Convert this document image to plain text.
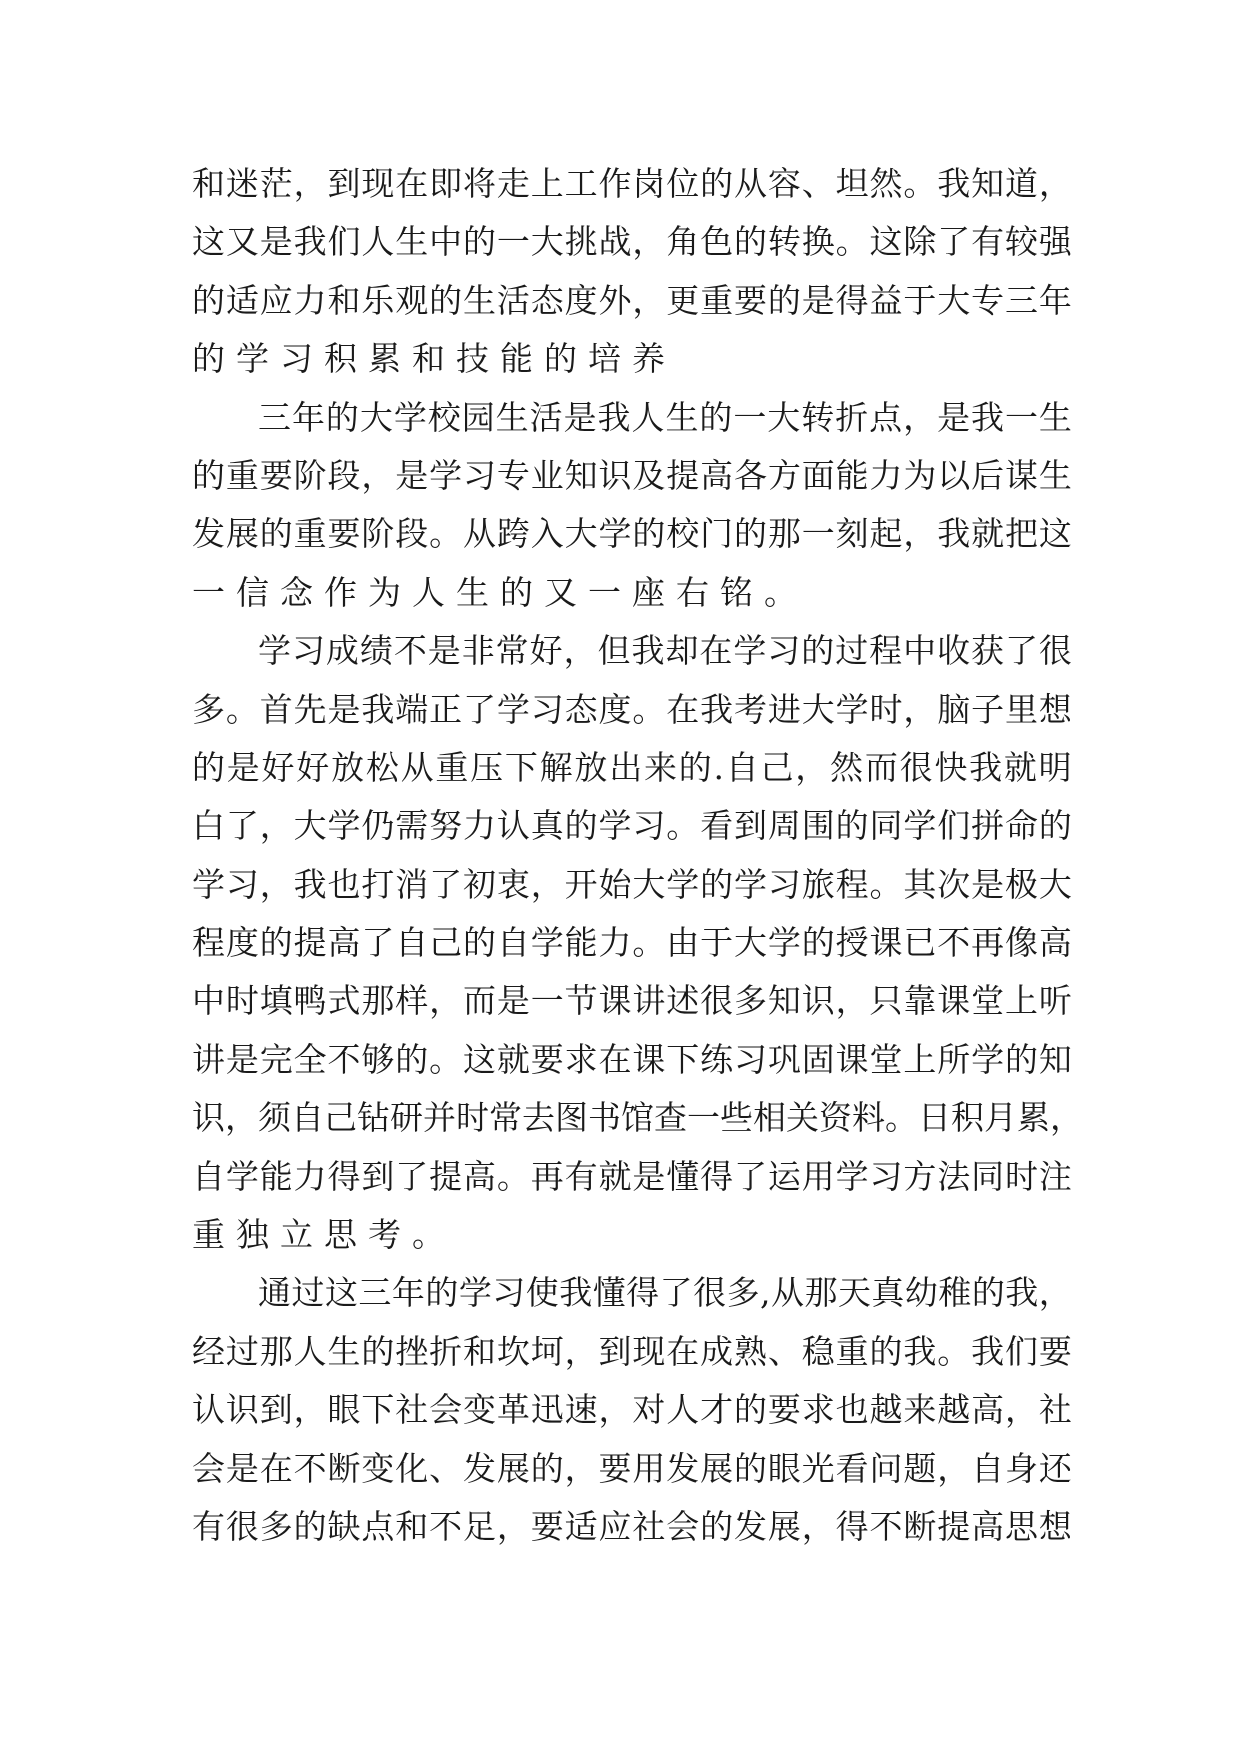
和 迷 茫 ， 到 现 在 即 将 走 上 工 作 岗 位 的 从 容 、 坦 然 。 我 知 道 ，
这 又 是 我 们 人 生 中 的 一 大 挑 战 ， 角 色 的 转 换 。 这 除 了 有 较 强
的 适 应 力 和 乐 观 的 生 活 态 度 外 ， 更 重 要 的 是 得 益 于 大 专 三 年
的学习积累和技能的培养
三 年 的 大 学 校 园 生 活 是 我 人 生 的 一 大 转 折 点 ， 是 我 一 生
的 重 要 阶 段 ， 是 学 习 专 业 知 识 及 提 高 各 方 面 能 力 为 以 后 谋 生
发 展 的 重 要 阶 段 。 从 跨 入 大 学 的 校 门 的 那 一 刻 起 ， 我 就 把 这
一信念作为人生的又一座右铭。
学 习 成 绩 不 是 非 常 好 ， 但 我 却 在 学 习 的 过 程 中 收 获 了 很
多 。 首 先 是 我 端 正 了 学 习 态 度 。 在 我 考 进 大 学 时 ， 脑 子 里 想
的 是 好 好 放 松 从 重 压 下 解 放 出 来 的 . 自 己 ， 然 而 很 快 我 就 明
白 了 ， 大 学 仍 需 努 力 认 真 的 学 习 。 看 到 周 围 的 同 学 们 拼 命 的
学 习 ， 我 也 打 消 了 初 衷 ， 开 始 大 学 的 学 习 旅 程 。 其 次 是 极 大
程 度 的 提 高 了 自 己 的 自 学 能 力 。 由 于 大 学 的 授 课 已 不 再 像 高
中 时 填 鸭 式 那 样 ， 而 是 一 节 课 讲 述 很 多 知 识 ， 只 靠 课 堂 上 听
讲 是 完 全 不 够 的 。 这 就 要 求 在 课 下 练 习 巩 固 课 堂 上 所 学 的 知
识 ， 须 自 己 钻 研 并 时 常 去 图 书 馆 查 一 些 相 关 资 料 。 日 积 月 累 ，
自 学 能 力 得 到 了 提 高 。 再 有 就 是 懂 得 了 运 用 学 习 方 法 同 时 注
重独立思考。
通 过 这 三 年 的 学 习 使 我 懂 得 了 很 多 , 从 那 天 真 幼 稚 的 我 ，
经 过 那 人 生 的 挫 折 和 坎 坷 ， 到 现 在 成 熟 、 稳 重 的 我 。 我 们 要
认 识 到 ， 眼 下 社 会 变 革 迅 速 ， 对 人 才 的 要 求 也 越 来 越 高 ， 社
会 是 在 不 断 变 化 、 发 展 的 ， 要 用 发 展 的 眼 光 看 问 题 ， 自 身 还
有 很 多 的 缺 点 和 不 足 ， 要 适 应 社 会 的 发 展 ， 得 不 断 提 高 思 想
